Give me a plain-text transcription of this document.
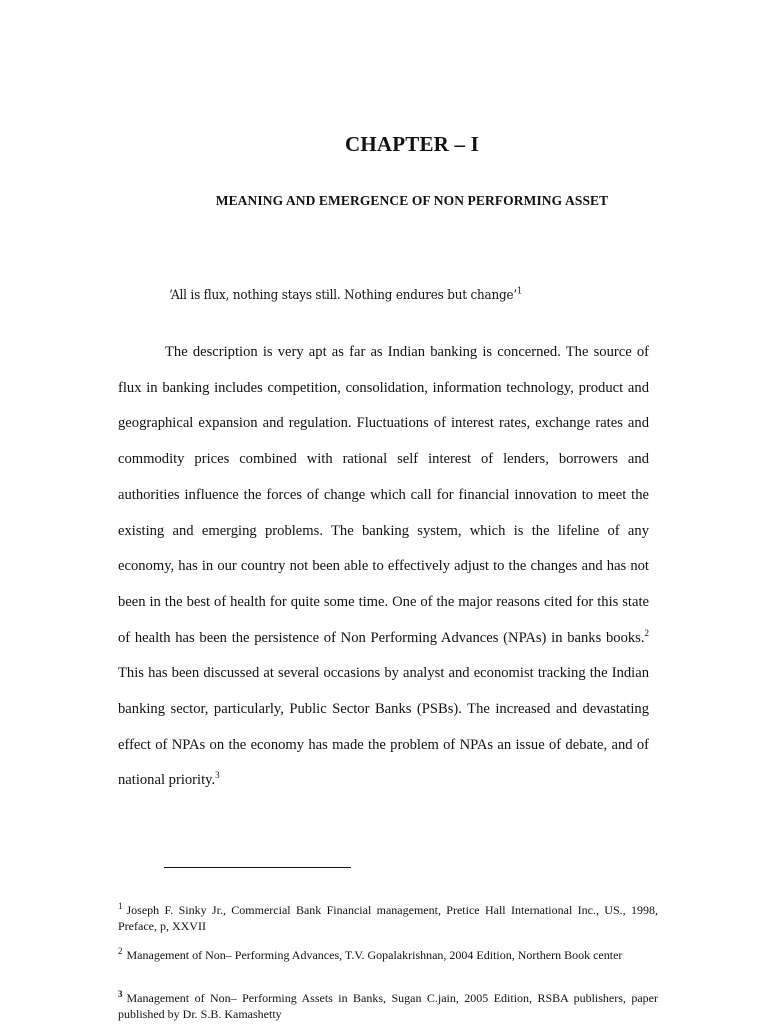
CHAPTER – I
MEANING AND EMERGENCE OF NON PERFORMING ASSET
‘All is flux, nothing stays still. Nothing endures but change’$^1$

The description is very apt as far as Indian banking is concerned. The source of flux in banking includes competition, consolidation, information technology, product and geographical expansion and regulation. Fluctuations of interest rates, exchange rates and commodity prices combined with rational self interest of lenders, borrowers and authorities influence the forces of change which call for financial innovation to meet the existing and emerging problems. The banking system, which is the lifeline of any economy, has in our country not been able to effectively adjust to the changes and has not been in the best of health for quite some time. One of the major reasons cited for this state of health has been the persistence of Non Performing Advances (NPAs) in banks books.$^2$ This has been discussed at several occasions by analyst and economist tracking the Indian banking sector, particularly, Public Sector Banks (PSBs). The increased and devastating effect of NPAs on the economy has made the problem of NPAs an issue of debate, and of national priority.$^3$

$^1$ Joseph F. Sinky Jr., Commercial Bank Financial management, Pretice Hall International Inc., US., 1998, Preface, p, XXVII

$^2$ Management of Non– Performing Advances, T.V. Gopalakrishnan, 2004 Edition, Northern Book center

$^3$ Management of Non– Performing Assets in Banks, Sugan C.jain, 2005 Edition, RSBA publishers, paper published by Dr. S.B. Kamashetty
